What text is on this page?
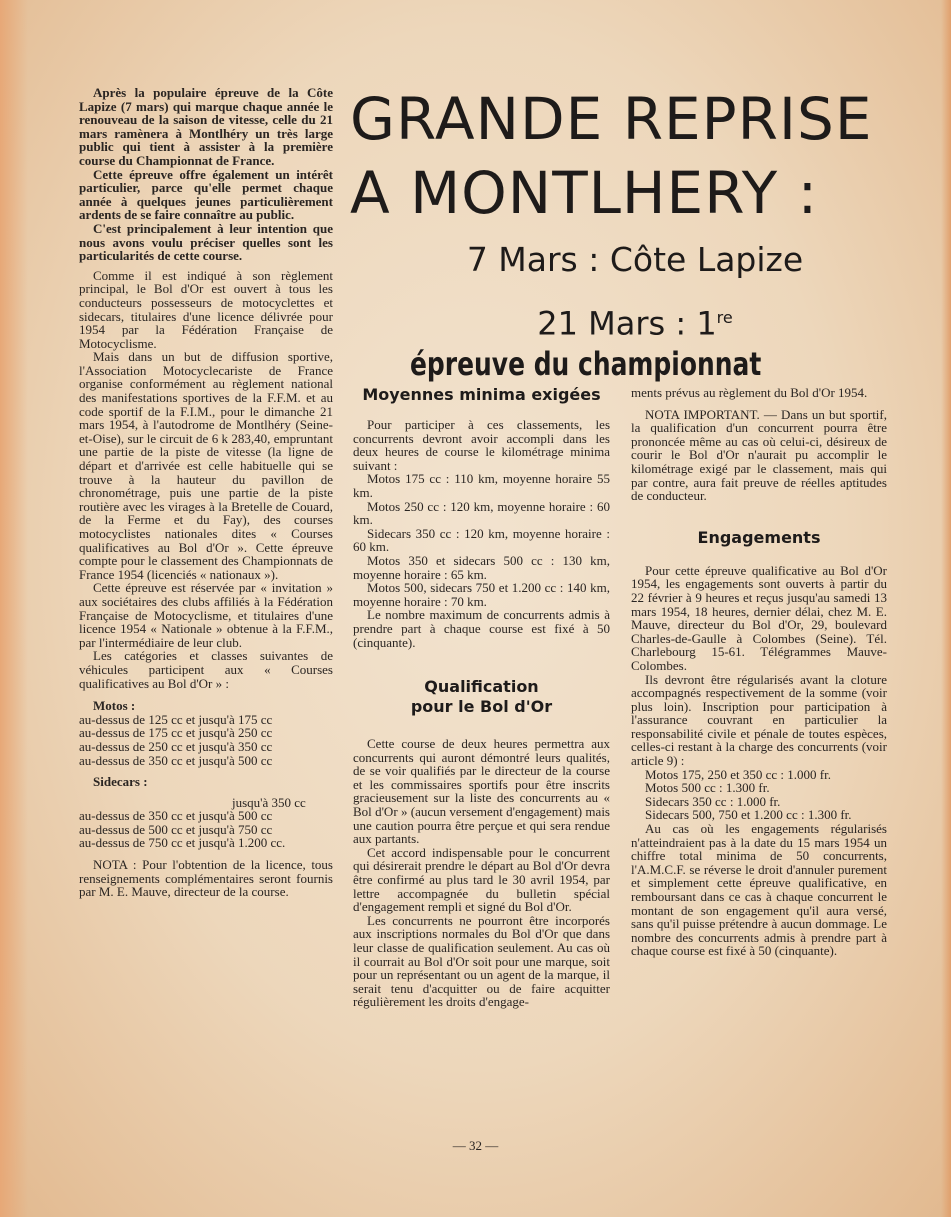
GRANDE REPRISE
A MONTLHERY :
7 Mars : Côte Lapize
21 Mars : 1reépreuve du championnat

Après la populaire épreuve de la Côte Lapize (7 mars) qui marque chaque année le renouveau de la saison de vitesse, celle du 21 mars ramènera à Montlhéry un très large public qui tient à assister à la première course du Championnat de France.

Cette épreuve offre également un intérêt particulier, parce qu'elle permet chaque année à quelques jeunes particulièrement ardents de se faire connaître au public.

C'est principalement à leur intention que nous avons voulu préciser quelles sont les particularités de cette course.

Comme il est indiqué à son règlement principal, le Bol d'Or est ouvert à tous les conducteurs possesseurs de motocyclettes et sidecars, titulaires d'une licence délivrée pour 1954 par la Fédération Française de Motocyclisme.

Mais dans un but de diffusion sportive, l'Association Motocyclecariste de France organise conformément au règlement national des manifestations sportives de la F.F.M. et au code sportif de la F.I.M., pour le dimanche 21 mars 1954, à l'autodrome de Montlhéry (Seine-et-Oise), sur le circuit de 6 k 283,40, empruntant une partie de la piste de vitesse (la ligne de départ et d'arrivée est celle habituelle qui se trouve à la hauteur du pavillon de chronométrage, puis une partie de la piste routière avec les virages à la Bretelle de Couard, de la Ferme et du Fay), des courses motocyclistes nationales dites « Courses qualificatives au Bol d'Or ». Cette épreuve compte pour le classement des Championnats de France 1954 (licenciés « nationaux »).

Cette épreuve est réservée par « invitation » aux sociétaires des clubs affiliés à la Fédération Française de Motocyclisme, et titulaires d'une licence 1954 « Nationale » obtenue à la F.F.M., par l'intermédiaire de leur club.

Les catégories et classes suivantes de véhicules participent aux « Courses qualificatives au Bol d'Or » :

Motos :

au-dessus de 125 cc et jusqu'à 175 cc

au-dessus de 175 cc et jusqu'à 250 cc

au-dessus de 250 cc et jusqu'à 350 cc

au-dessus de 350 cc et jusqu'à 500 cc

Sidecars :

jusqu'à 350 cc

au-dessus de 350 cc et jusqu'à 500 cc

au-dessus de 500 cc et jusqu'à 750 cc

au-dessus de 750 cc et jusqu'à 1.200 cc.

NOTA : Pour l'obtention de la licence, tous renseignements complémentaires seront fournis par M. E. Mauve, directeur de la course.

Moyennes minima exigées

Pour participer à ces classements, les concurrents devront avoir accompli dans les deux heures de course le kilométrage minima suivant :

Motos 175 cc : 110 km, moyenne horaire 55 km.

Motos 250 cc : 120 km, moyenne horaire : 60 km.

Sidecars 350 cc : 120 km, moyenne horaire : 60 km.

Motos 350 et sidecars 500 cc : 130 km, moyenne horaire : 65 km.

Motos 500, sidecars 750 et 1.200 cc : 140 km, moyenne horaire : 70 km.

Le nombre maximum de concurrents admis à prendre part à chaque course est fixé à 50 (cinquante).

Qualification
pour le Bol d'Or

Cette course de deux heures permettra aux concurrents qui auront démontré leurs qualités, de se voir qualifiés par le directeur de la course et les commissaires sportifs pour être inscrits gracieusement sur la liste des concurrents au « Bol d'Or » (aucun versement d'engagement) mais une caution pourra être perçue et qui sera rendue aux partants.

Cet accord indispensable pour le concurrent qui désirerait prendre le départ au Bol d'Or devra être confirmé au plus tard le 30 avril 1954, par lettre accompagnée du bulletin spécial d'engagement rempli et signé du Bol d'Or.

Les concurrents ne pourront être incorporés aux inscriptions normales du Bol d'Or que dans leur classe de qualification seulement. Au cas où il courrait au Bol d'Or soit pour une marque, soit pour un représentant ou un agent de la marque, il serait tenu d'acquitter ou de faire acquitter régulièrement les droits d'engage-

ments prévus au règlement du Bol d'Or 1954.

NOTA IMPORTANT. — Dans un but sportif, la qualification d'un concurrent pourra être prononcée même au cas où celui-ci, désireux de courir le Bol d'Or n'aurait pu accomplir le kilométrage exigé par le classement, mais qui par contre, aura fait preuve de réelles aptitudes de conducteur.

Engagements

Pour cette épreuve qualificative au Bol d'Or 1954, les engagements sont ouverts à partir du 22 février à 9 heures et reçus jusqu'au samedi 13 mars 1954, 18 heures, dernier délai, chez M. E. Mauve, directeur du Bol d'Or, 29, boulevard Charles-de-Gaulle à Colombes (Seine). Tél. Charlebourg 15-61. Télégrammes Mauve-Colombes.

Ils devront être régularisés avant la cloture accompagnés respectivement de la somme (voir plus loin). Inscription pour participation à l'assurance couvrant en particulier la responsabilité civile et pénale de toutes espèces, celles-ci restant à la charge des concurrents (voir article 9) :

Motos 175, 250 et 350 cc : 1.000 fr.

Motos 500 cc : 1.300 fr.

Sidecars 350 cc : 1.000 fr.

Sidecars 500, 750 et 1.200 cc : 1.300 fr.

Au cas où les engagements régularisés n'atteindraient pas à la date du 15 mars 1954 un chiffre total minima de 50 concurrents, l'A.M.C.F. se réverse le droit d'annuler purement et simplement cette épreuve qualificative, en remboursant dans ce cas à chaque concurrent le montant de son engagement qu'il aura versé, sans qu'il puisse prétendre à aucun dommage. Le nombre des concurrents admis à prendre part à chaque course est fixé à 50 (cinquante).

— 32 —
